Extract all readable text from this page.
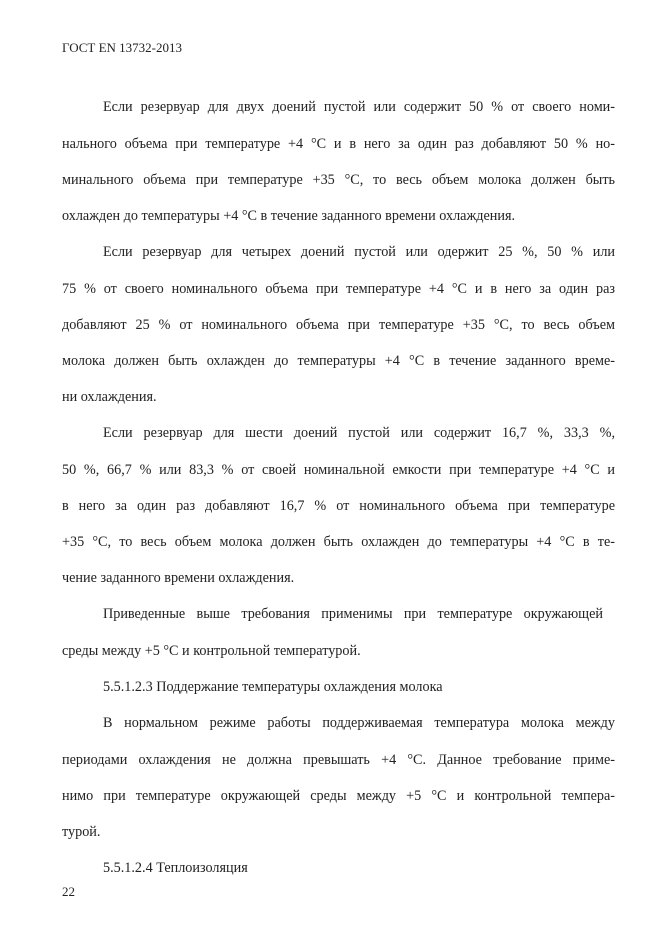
ГОСТ EN 13732-2013
Если резервуар для двух доений пустой или содержит 50 % от своего номи-
нального объема при температуре +4 °C и в него за один раз добавляют 50 % но-
минального объема при температуре +35 °C, то весь объем молока должен быть
охлажден до температуры +4 °C в течение заданного времени охлаждения.
Если резервуар для четырех доений пустой или одержит 25 %, 50 % или
75 % от своего номинального объема при температуре +4 °C и в него за один раз
добавляют 25 % от номинального объема при температуре +35 °C, то весь объем
молока должен быть охлажден до температуры +4 °C в течение заданного време-
ни охлаждения.
Если резервуар для шести доений пустой или содержит 16,7 %, 33,3 %,
50 %, 66,7 % или 83,3 % от своей номинальной емкости при температуре +4 °C и
в него за один раз добавляют 16,7 % от номинального объема при температуре
+35 °C, то весь объем молока должен быть охлажден до температуры +4 °C в те-
чение заданного времени охлаждения.
Приведенные выше требования применимы при температуре окружающей
среды между +5 °C и контрольной температурой.
5.5.1.2.3 Поддержание температуры охлаждения молока
В нормальном режиме работы поддерживаемая температура молока между
периодами охлаждения не должна превышать +4 °C. Данное требование приме-
нимо при температуре окружающей среды между +5 °C и контрольной темпера-
турой.
5.5.1.2.4 Теплоизоляция
22
